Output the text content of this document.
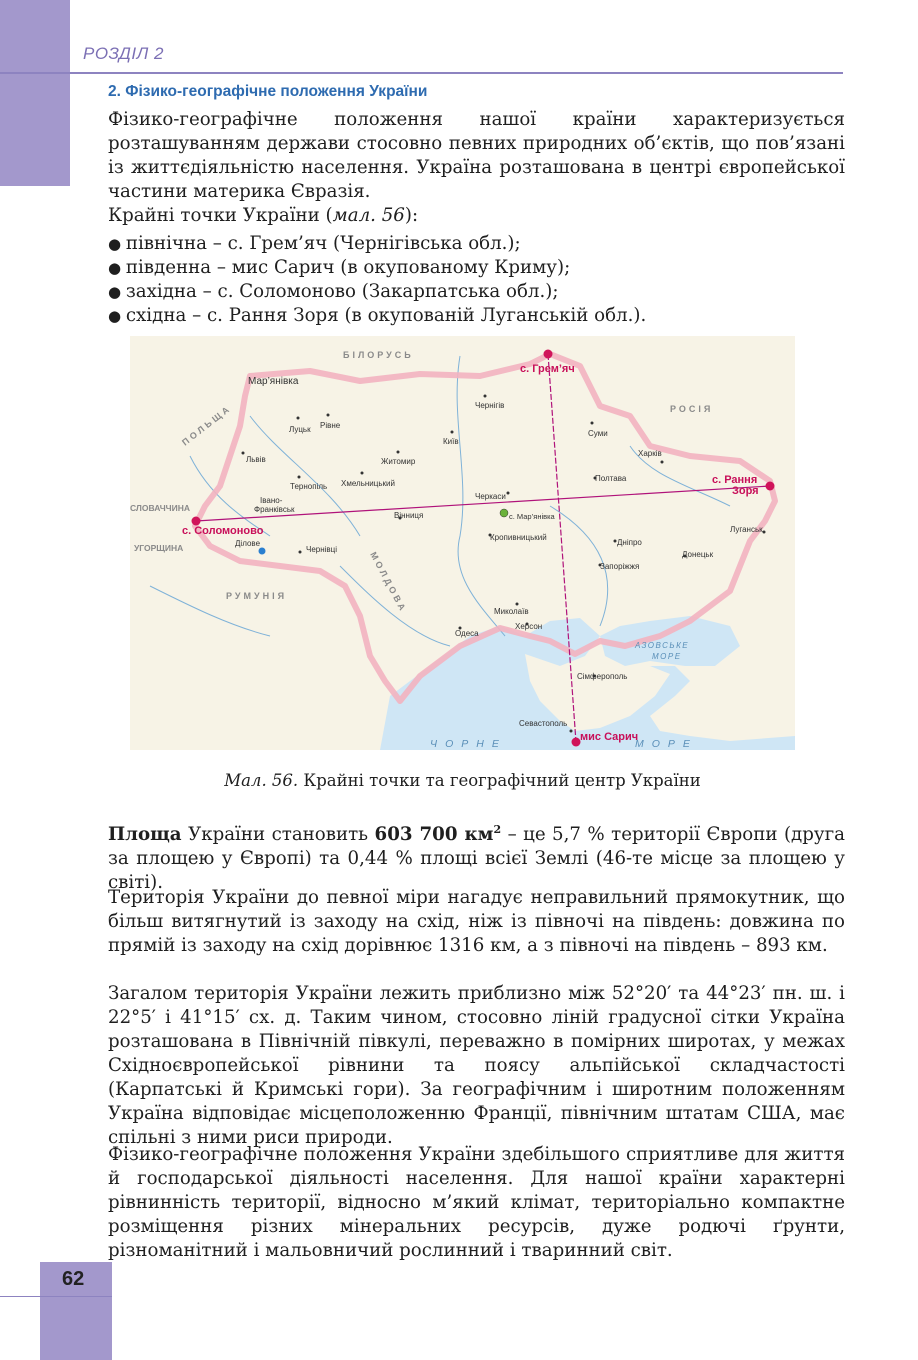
РОЗДІЛ 2
2. Фізико-географічне положення України

Фізико-географічне положення нашої країни характеризується розташуванням держави стосовно певних природних об’єктів, що пов’язані із життєдіяльністю населення. Україна розташована в центрі європейської частини материка Євразія.

Крайні точки України (мал. 56):

● північна – с. Грем’яч (Чернігівська обл.);
● південна – мис Сарич (в окупованому Криму);
● західна – с. Соломоново (Закарпатська обл.);
● східна – с. Рання Зоря (в окупованій Луганській обл.).
с. Грем’яч
мис Сарич
с. Соломоново
с. Рання
Зоря
с. Мар’янівка
БІЛОРУСЬ
РОСІЯ
ПОЛЬЩА
СЛОВАЧЧИНА
УГОРЩИНА
РУМУНІЯ	МОЛДОВА
ЧОРНЕ	МОРЕ
АЗОВСЬКЕ
МОРЕ
Мар’янівка
Чернігів
Суми
Луцьк Рівне
Київ
Житомир
Харків
Львів
Тернопіль Хмельницький
Полтава
Івано-
Франківськ
Черкаси
Вінниця
Луганськ
Діловe
Чернівці
Кропивницький
Дніпро
Донецьк
Запоріжжя
Миколаїв
Херсон
Одеса
Сімферополь
Севастополь
Мал. 56. Крайні точки та географічний центр України

Площа України становить 603 700 $км^2$ – це 5,7 % території Європи (друга за площею у Європі) та 0,44 % площі всієї Землі (46-те місце за площею у світі).

Територія України до певної міри нагадує неправильний прямокутник, що більш витягнутий із заходу на схід, ніж із півночі на південь: довжина по прямій із заходу на схід дорівнює 1316 км, а з півночі на південь – 893 км.

Загалом територія України лежить приблизно між 52°20′ та 44°23′ пн. ш. і 22°5′ і 41°15′ сх. д. Таким чином, стосовно ліній градусної сітки Україна розташована в Північній півкулі, переважно в помірних широтах, у межах Східноєвропейської рівнини та поясу альпійської складчастості (Карпатські й Кримські гори). За географічним і широтним положенням Україна відповідає місцеположенню Франції, північним штатам США, має спільні з ними риси природи.

Фізико-географічне положення України здебільшого сприятливе для життя й господарської діяльності населення. Для нашої країни характерні рівнинність території, відносно м’який клімат, територіально компактне розміщення різних мінеральних ресурсів, дуже родючі ґрунти, різноманітний і мальовничий рослинний і тваринний світ.

62
